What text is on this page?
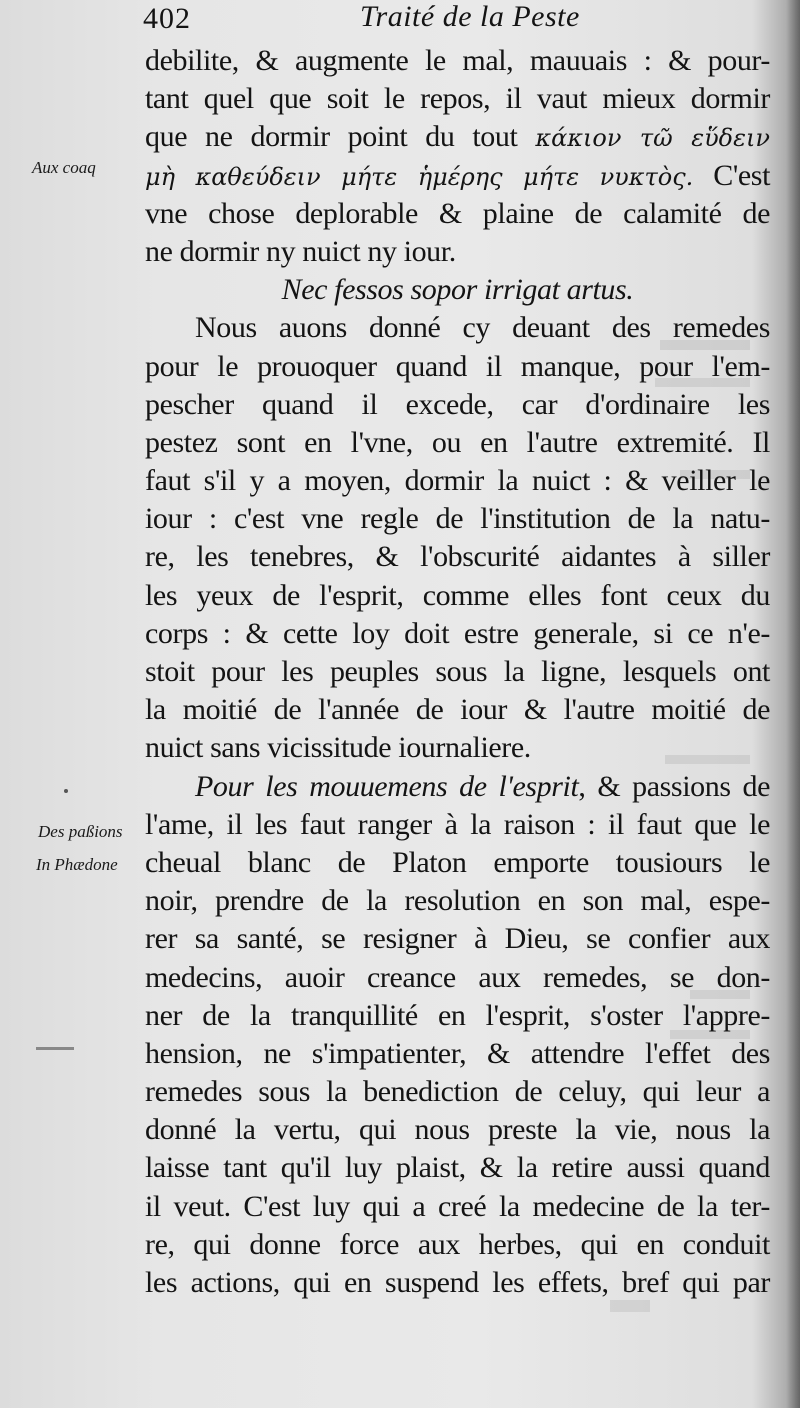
402	Traité de la Peste
Aux coaq
Des paßions
In Phædone
debilite, & augmente le mal, mauuais : & pour-
tant quel que soit le repos, il vaut mieux dormir
que ne dormir point du tout κάκιον τῶ εὕδειν
μὴ καθεύδειν μήτε ἡμέρης μήτε νυκτὸς. C'est
vne chose deplorable & plaine de calamité de
ne dormir ny nuict ny iour.
Nec fessos sopor irrigat artus.
Nous auons donné cy deuant des remedes
pour le prouoquer quand il manque, pour l'em-
pescher quand il excede, car d'ordinaire les
pestez sont en l'vne, ou en l'autre extremité. Il
faut s'il y a moyen, dormir la nuict : & veiller le
iour : c'est vne regle de l'institution de la natu-
re, les tenebres, & l'obscurité aidantes à siller
les yeux de l'esprit, comme elles font ceux du
corps : & cette loy doit estre generale, si ce n'e-
stoit pour les peuples sous la ligne, lesquels ont
la moitié de l'année de iour & l'autre moitié de
nuict sans vicissitude iournaliere.
Pour les mouuemens de l'esprit, & passions de
l'ame, il les faut ranger à la raison : il faut que le
cheual blanc de Platon emporte tousiours le
noir, prendre de la resolution en son mal, espe-
rer sa santé, se resigner à Dieu, se confier aux
medecins, auoir creance aux remedes, se don-
ner de la tranquillité en l'esprit, s'oster l'appre-
hension, ne s'impatienter, & attendre l'effet des
remedes sous la benediction de celuy, qui leur a
donné la vertu, qui nous preste la vie, nous la
laisse tant qu'il luy plaist, & la retire aussi quand
il veut. C'est luy qui a creé la medecine de la ter-
re, qui donne force aux herbes, qui en conduit
les actions, qui en suspend les effets, bref qui par
